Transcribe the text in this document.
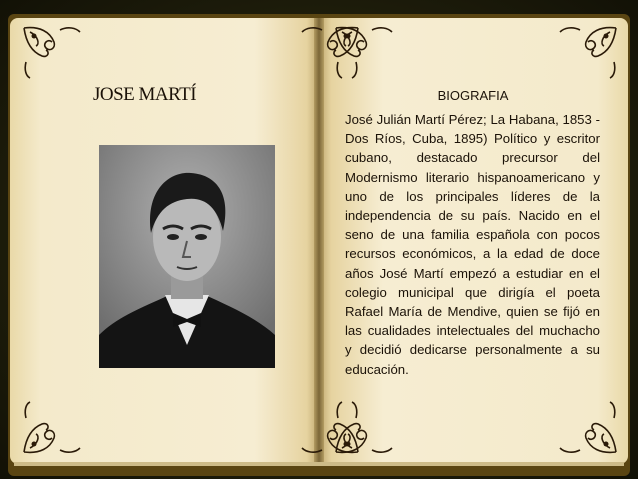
JOSE MARTÍ	BIOGRAFIA
José Julián Martí Pérez; La Habana, 1853 - Dos Ríos, Cuba, 1895) Político y escritor cubano, destacado precursor del Modernismo literario hispanoamericano y uno de los principales líderes de la independencia de su país. Nacido en el seno de una familia española con pocos recursos económicos, a la edad de doce años José Martí empezó a estudiar en el colegio municipal que dirigía el poeta Rafael María de Mendive, quien se fijó en las cualidades intelectuales del muchacho y decidió dedicarse personalmente a su educación.
